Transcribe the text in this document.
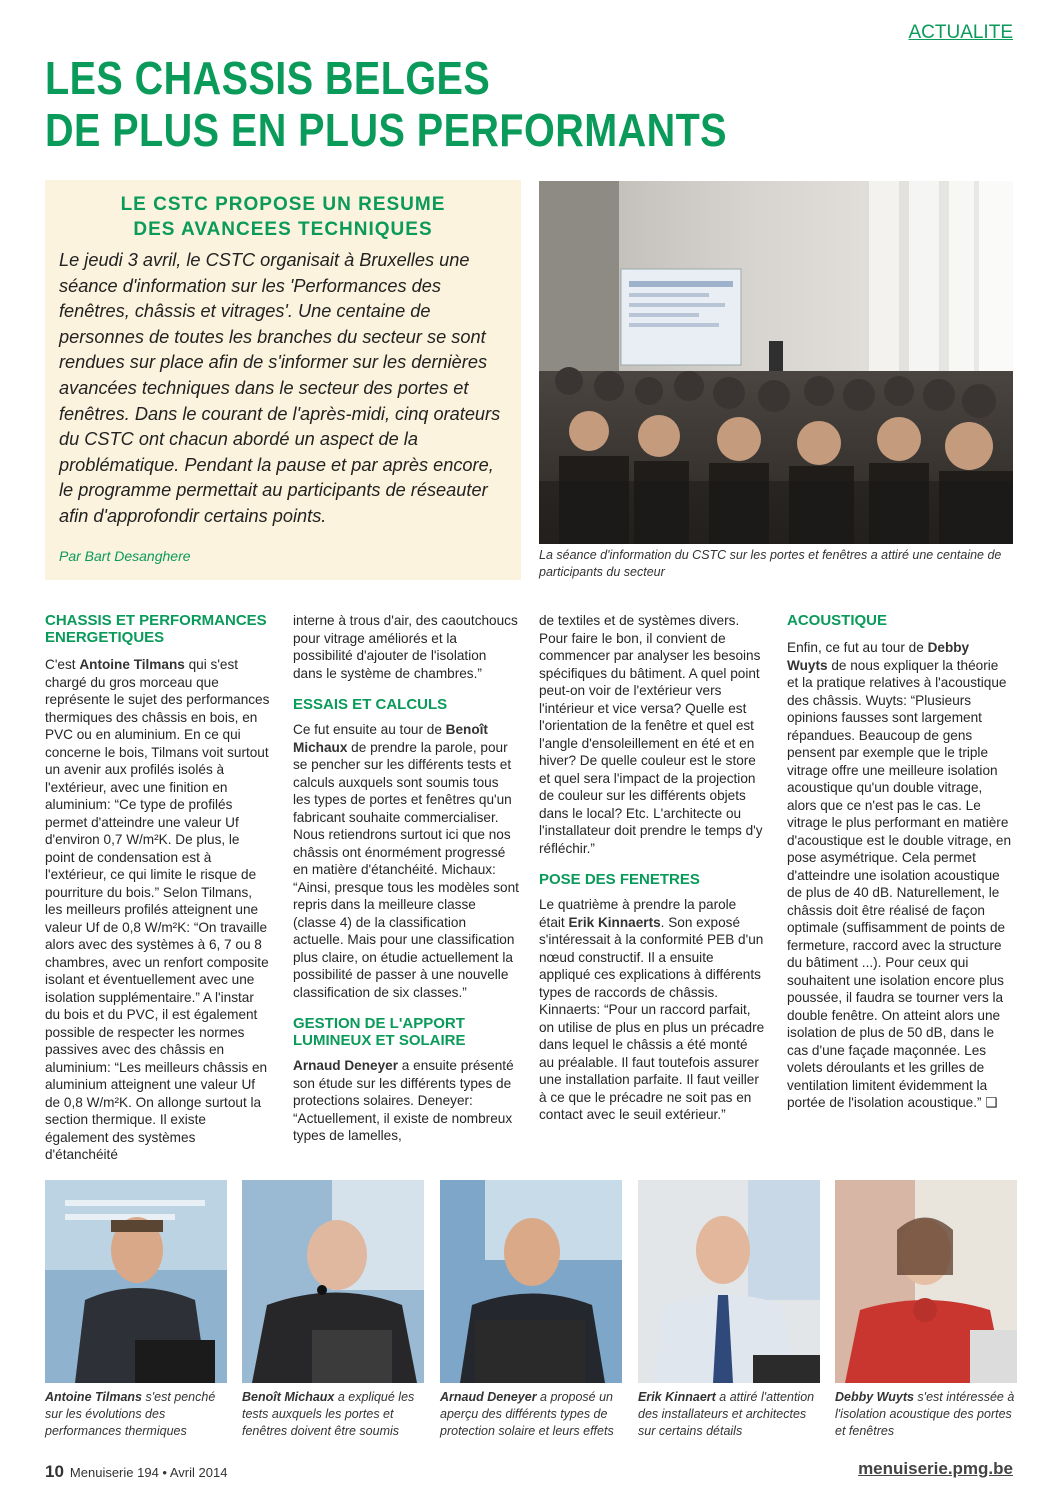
ACTUALITE
LES CHASSIS BELGES
DE PLUS EN PLUS PERFORMANTS
LE CSTC PROPOSE UN RESUME
DES AVANCEES TECHNIQUES

Le jeudi 3 avril, le CSTC organisait à Bruxelles une séance d'information sur les 'Performances des fenêtres, châssis et vitrages'. Une centaine de personnes de toutes les branches du secteur se sont rendues sur place afin de s'informer sur les dernières avancées techniques dans le secteur des portes et fenêtres. Dans le courant de l'après-midi, cinq orateurs du CSTC ont chacun abordé un aspect de la problématique. Pendant la pause et par après encore, le programme permettait au participants de réseauter afin d'approfondir certains points.

Par Bart Desanghere	La séance d'information du CSTC sur les portes et fenêtres a attiré une centaine de participants du secteur

CHASSIS ET PERFORMANCES ENERGETIQUES

C'est Antoine Tilmans qui s'est chargé du gros morceau que représente le sujet des performances thermiques des châssis en bois, en PVC ou en aluminium. En ce qui concerne le bois, Tilmans voit surtout un avenir aux profilés isolés à l'extérieur, avec une finition en aluminium: “Ce type de profilés permet d'atteindre une valeur Uf d'environ 0,7 W/m²K. De plus, le point de condensation est à l'extérieur, ce qui limite le risque de pourriture du bois.” Selon Tilmans, les meilleurs profilés atteignent une valeur Uf de 0,8 W/m²K: “On travaille alors avec des systèmes à 6, 7 ou 8 chambres, avec un renfort composite isolant et éventuellement avec une isolation supplémentaire.” A l'instar du bois et du PVC, il est également possible de respecter les normes passives avec des châssis en aluminium: “Les meilleurs châssis en aluminium atteignent une valeur Uf de 0,8 W/m²K. On allonge surtout la section thermique. Il existe également des systèmes d'étanchéité

interne à trous d'air, des caoutchoucs pour vitrage améliorés et la possibilité d'ajouter de l'isolation dans le système de chambres.”

ESSAIS ET CALCULS

Ce fut ensuite au tour de Benoît Michaux de prendre la parole, pour se pencher sur les différents tests et calculs auxquels sont soumis tous les types de portes et fenêtres qu'un fabricant souhaite commercialiser. Nous retiendrons surtout ici que nos châssis ont énormément progressé en matière d'étanchéité. Michaux: “Ainsi, presque tous les modèles sont repris dans la meilleure classe (classe 4) de la classification actuelle. Mais pour une classification plus claire, on étudie actuellement la possibilité de passer à une nouvelle classification de six classes.”

GESTION DE L'APPORT LUMINEUX ET SOLAIRE

Arnaud Deneyer a ensuite présenté son étude sur les différents types de protections solaires. Deneyer: “Actuellement, il existe de nombreux types de lamelles,

de textiles et de systèmes divers. Pour faire le bon, il convient de commencer par analyser les besoins spécifiques du bâtiment. A quel point peut-on voir de l'extérieur vers l'intérieur et vice versa? Quelle est l'orientation de la fenêtre et quel est l'angle d'ensoleillement en été et en hiver? De quelle couleur est le store et quel sera l'impact de la projection de couleur sur les différents objets dans le local? Etc. L'architecte ou l'installateur doit prendre le temps d'y réfléchir.”

POSE DES FENETRES

Le quatrième à prendre la parole était Erik Kinnaerts. Son exposé s'intéressait à la conformité PEB d'un nœud constructif. Il a ensuite appliqué ces explications à différents types de raccords de châssis. Kinnaerts: “Pour un raccord parfait, on utilise de plus en plus un précadre dans lequel le châssis a été monté au préalable. Il faut toutefois assurer une installation parfaite. Il faut veiller à ce que le précadre ne soit pas en contact avec le seuil extérieur.”

ACOUSTIQUE

Enfin, ce fut au tour de Debby Wuyts de nous expliquer la théorie et la pratique relatives à l'acoustique des châssis. Wuyts: “Plusieurs opinions fausses sont largement répandues. Beaucoup de gens pensent par exemple que le triple vitrage offre une meilleure isolation acoustique qu'un double vitrage, alors que ce n'est pas le cas. Le vitrage le plus performant en matière d'acoustique est le double vitrage, en pose asymétrique. Cela permet d'atteindre une isolation acoustique de plus de 40 dB. Naturellement, le châssis doit être réalisé de façon optimale (suffisamment de points de fermeture, raccord avec la structure du bâtiment ...). Pour ceux qui souhaitent une isolation encore plus poussée, il faudra se tourner vers la double fenêtre. On atteint alors une isolation de plus de 50 dB, dans le cas d'une façade maçonnée. Les volets déroulants et les grilles de ventilation limitent évidemment la portée de l'isolation acoustique.” ❑

Antoine Tilmans s'est penché sur les évolutions des performances thermiques

Benoît Michaux a expliqué les tests auxquels les portes et fenêtres doivent être soumis

Arnaud Deneyer a proposé un aperçu des différents types de protection solaire et leurs effets

Erik Kinnaert a attiré l'attention des installateurs et architectes sur certains détails

Debby Wuyts s'est intéressée à l'isolation acoustique des portes et fenêtres

10 Menuiserie 194 • Avril 2014	menuiserie.pmg.be
